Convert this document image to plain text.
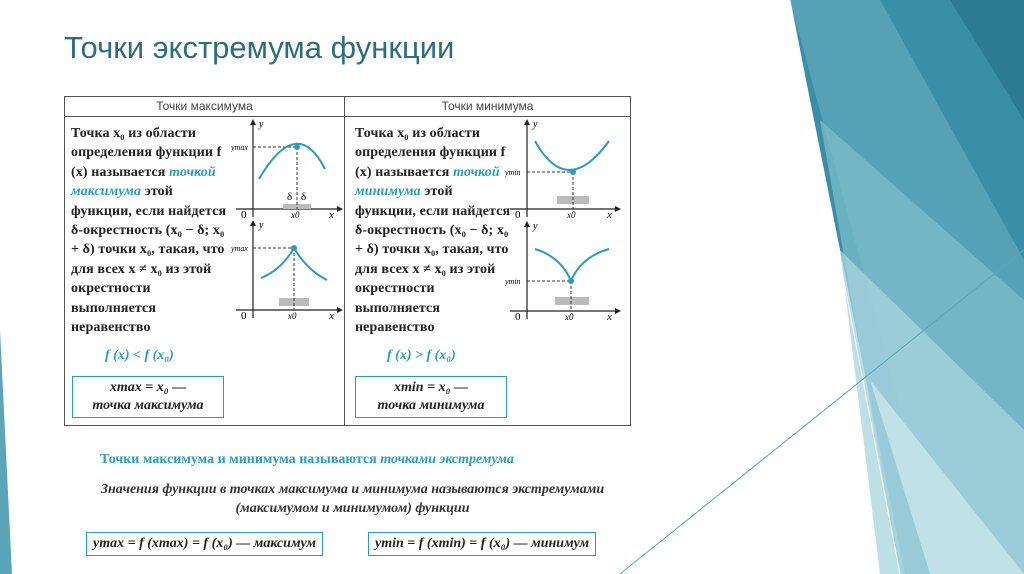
Точки экстремума функции
Точки максимума	Точки минимума
Точка x₀ из области определения функции f (x) называется точкой максимума этой функции, если найдется δ-окрестность (x₀ − δ; x₀ + δ) точки x₀, такая, что для всех x ≠ x₀ из этой окрестности выполняется неравенство
f (x) < f (x₀)
xmax = x₀ —
точка максимума
Точка x₀ из области определения функции f (x) называется точкой минимума этой функции, если найдется δ-окрестность (x₀ − δ; x₀ + δ) точки x₀, такая, что для всех x ≠ x₀ из этой окрестности выполняется неравенство
f (x) > f (x₀)
xmin = x₀ —
точка минимума
y
x
0	x0
ymax
δ δ
y
x
0	x0
ymax
y
x
0	x0
ymin
y
x
0	x0
ymin
Точки максимума и минимума называются точками экстремума
Значения функции в точках максимума и минимума называются экстремумами (максимумом и минимумом) функции
ymax = f (xmax) = f (x₀) — максимум	ymin = f (xmin) = f (x₀) — минимум
